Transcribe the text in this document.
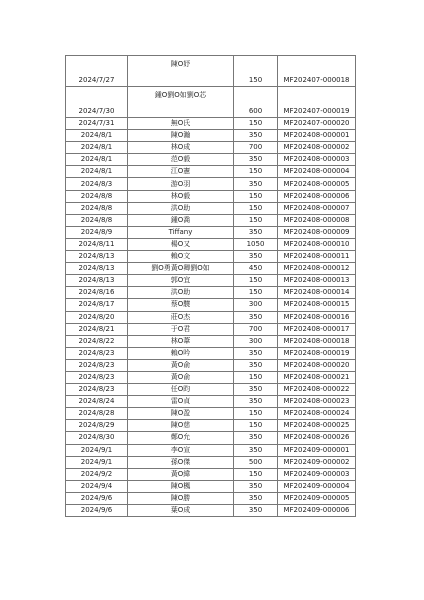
2024/7/27	陳O妤	150	MF202407-000018
2024/7/30	鍾O劉O如劉O芯	600	MF202407-000019
2024/7/31	無O氏	150	MF202407-000020
2024/8/1	陳O瀚	350	MF202408-000001
2024/8/1	林O成	700	MF202408-000002
2024/8/1	范O毅	350	MF202408-000003
2024/8/1	江O憲	150	MF202408-000004
2024/8/3	游O羽	350	MF202408-000005
2024/8/8	林O毅	150	MF202408-000006
2024/8/8	洪O助	150	MF202408-000007
2024/8/8	鍾O喬	150	MF202408-000008
2024/8/9	Tiffany	350	MF202408-000009
2024/8/11	楊O又	1050	MF202408-000010
2024/8/13	賴O文	350	MF202408-000011
2024/8/13	劉O勇黃O卿劉O如	450	MF202408-000012
2024/8/13	郭O宜	150	MF202408-000013
2024/8/16	洪O助	150	MF202408-000014
2024/8/17	蔡O驍	300	MF202408-000015
2024/8/20	莊O杰	350	MF202408-000016
2024/8/21	于O君	700	MF202408-000017
2024/8/22	林O葦	300	MF202408-000018
2024/8/23	賴O吟	350	MF202408-000019
2024/8/23	黃O俞	350	MF202408-000020
2024/8/23	黃O俞	150	MF202408-000021
2024/8/23	任O昀	350	MF202408-000022
2024/8/24	雷O貞	350	MF202408-000023
2024/8/28	陳O盈	150	MF202408-000024
2024/8/29	陳O慈	150	MF202408-000025
2024/8/30	鄭O允	350	MF202408-000026
2024/9/1	李O宣	350	MF202409-000001
2024/9/1	孫O傑	500	MF202409-000002
2024/9/2	黃O緯	150	MF202409-000003
2024/9/4	陳O楓	350	MF202409-000004
2024/9/6	陳O勝	350	MF202409-000005
2024/9/6	葉O成	350	MF202409-000006
